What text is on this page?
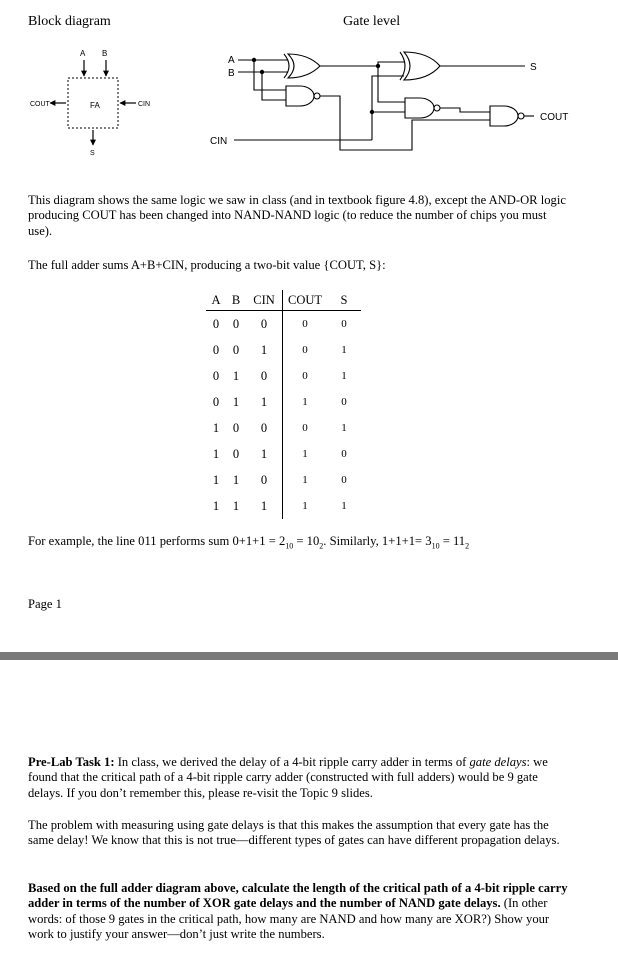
Block diagram	Gate level
A B
FA	CIN
COUT
S
A
B
CIN
S
COUT
This diagram shows the same logic we saw in class (and in textbook figure 4.8), except the AND-OR logic producing COUT has been changed into NAND-NAND logic (to reduce the number of chips you must use).
The full adder sums A+B+CIN, producing a two-bit value {COUT, S}:
A	B	CIN	COUT	S
0	0	0	0	0
0	0	1	0	1
0	1	0	0	1
0	1	1	1	0
1	0	0	0	1
1	0	1	1	0
1	1	0	1	0
1	1	1	1	1
For example, the line 011 performs sum $0+1+1 = 2_{10} = 10_2$. Similarly, $1+1+1= 3_{10} = 11_2$
Page 1
Pre-Lab Task 1: In class, we derived the delay of a 4-bit ripple carry adder in terms of gate delays: we found that the critical path of a 4-bit ripple carry adder (constructed with full adders) would be 9 gate delays. If you don’t remember this, please re-visit the Topic 9 slides.
The problem with measuring using gate delays is that this makes the assumption that every gate has the same delay! We know that this is not true—different types of gates can have different propagation delays.
Based on the full adder diagram above, calculate the length of the critical path of a 4-bit ripple carry adder in terms of the number of XOR gate delays and the number of NAND gate delays. (In other words: of those 9 gates in the critical path, how many are NAND and how many are XOR?) Show your work to justify your answer—don’t just write the numbers.
